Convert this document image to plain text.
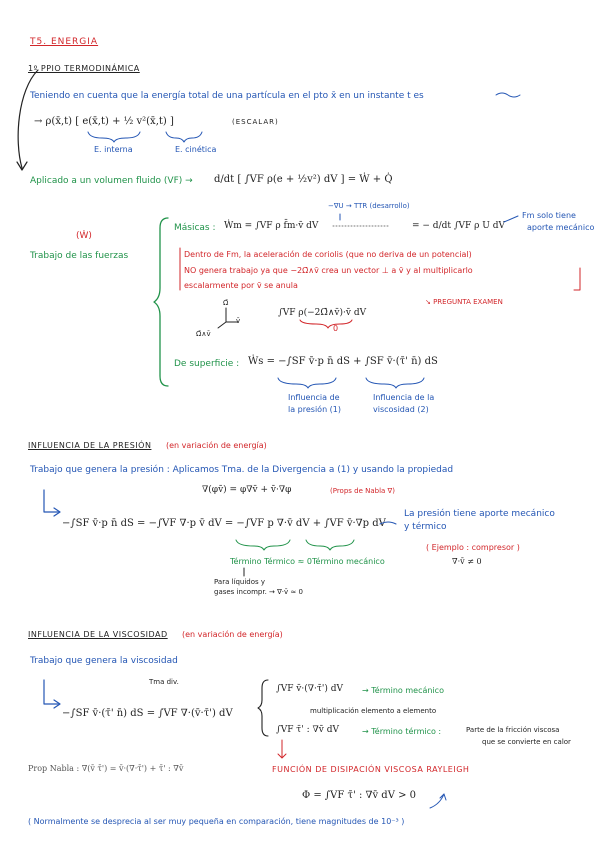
T5. ENERGIA
1º PPIO TERMODINÁMICA
Teniendo en cuenta que la energía total de una partícula en el pto x̄ en un instante t es
→ ρ(x̄,t) [ e(x̄,t) + ½ v²(x̄,t) ]	(ESCALAR)
E. interna	E. cinética
Aplicado a un volumen fluido (VF) → d/dt [ ∫VF ρ(e + ½v²) dV ] = Ẇ + Q̇
(Ẇ)
Trabajo de las fuerzas
Másicas : Ẇm = ∫VF ρ f̄m·v̄ dV
−∇U → TTR (desarrollo)
= − d/dt ∫VF ρ U dV
Fm solo tiene
aporte mecánico
Dentro de Fm, la aceleración de coriolis (que no deriva de un potencial)
NO genera trabajo ya que −2Ω̄∧v̄ crea un vector ⊥ a v̄ y al multiplicarlo
escalarmente por v̄ se anula
↘ PREGUNTA EXAMEN
Ω̄
v̄
Ω̄∧v̄
∫VF ρ(−2Ω̄∧v̄)·v̄ dV
0
De superficie : Ẇs = −∫SF v̄·p n̄ dS + ∫SF v̄·(τ̄' n̄) dS
Influencia de
la presión (1)
Influencia de la
viscosidad (2)
INFLUENCIA DE LA PRESIÓN (en variación de energía)
Trabajo que genera la presión : Aplicamos Tma. de la Divergencia a (1) y usando la propiedad
∇(φv̄) = φ∇v̄ + v̄·∇φ	(Props de Nabla ∇)
−∫SF v̄·p n̄ dS = −∫VF ∇·p v̄ dV = −∫VF p ∇·v̄ dV + ∫VF v̄·∇p dV
Término Térmico ≈ 0 Término mecánico
Para líquidos y
gases incompr. → ∇·v̄ ≈ 0
La presión tiene aporte mecánico
y térmico
( Ejemplo : compresor )
∇·v̄ ≠ 0
INFLUENCIA DE LA VISCOSIDAD (en variación de energía)
Trabajo que genera la viscosidad
Tma div.
−∫SF v̄·(τ̄' n̄) dS = ∫VF ∇·(v̄·τ̄') dV
∫VF v̄·(∇·τ̄') dV → Término mecánico
multiplicación elemento a elemento
∫VF τ̄' : ∇v̄ dV	→ Término térmico :	Parte de la fricción viscosa
que se convierte en calor
Prop Nabla : ∇(v̄ τ̄') = v̄·(∇·τ̄') + τ̄' : ∇v̄	FUNCIÓN DE DISIPACIÓN VISCOSA RAYLEIGH
Φ = ∫VF τ̄' : ∇v̄ dV > 0
( Normalmente se desprecia al ser muy pequeña en comparación, tiene magnitudes de 10⁻³ )
